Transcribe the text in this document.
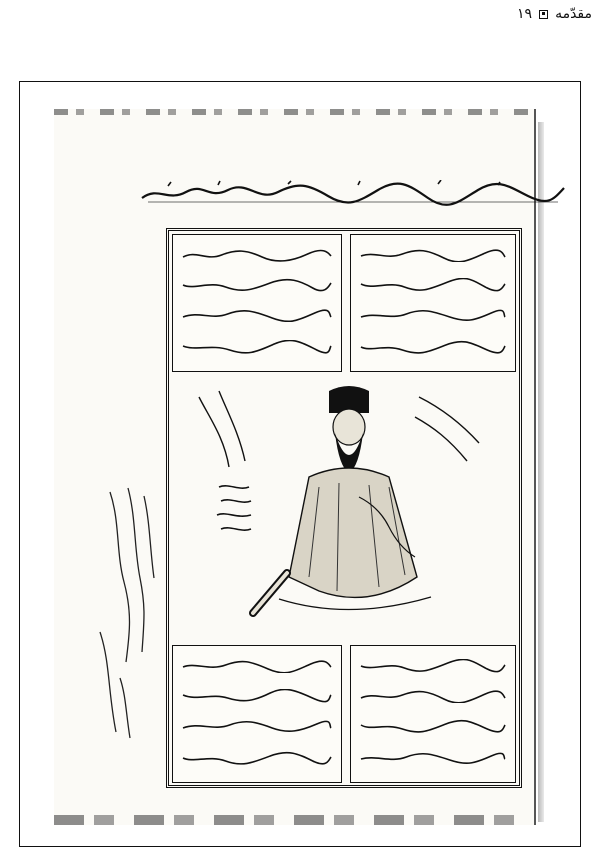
مقدّمه
۱۹
